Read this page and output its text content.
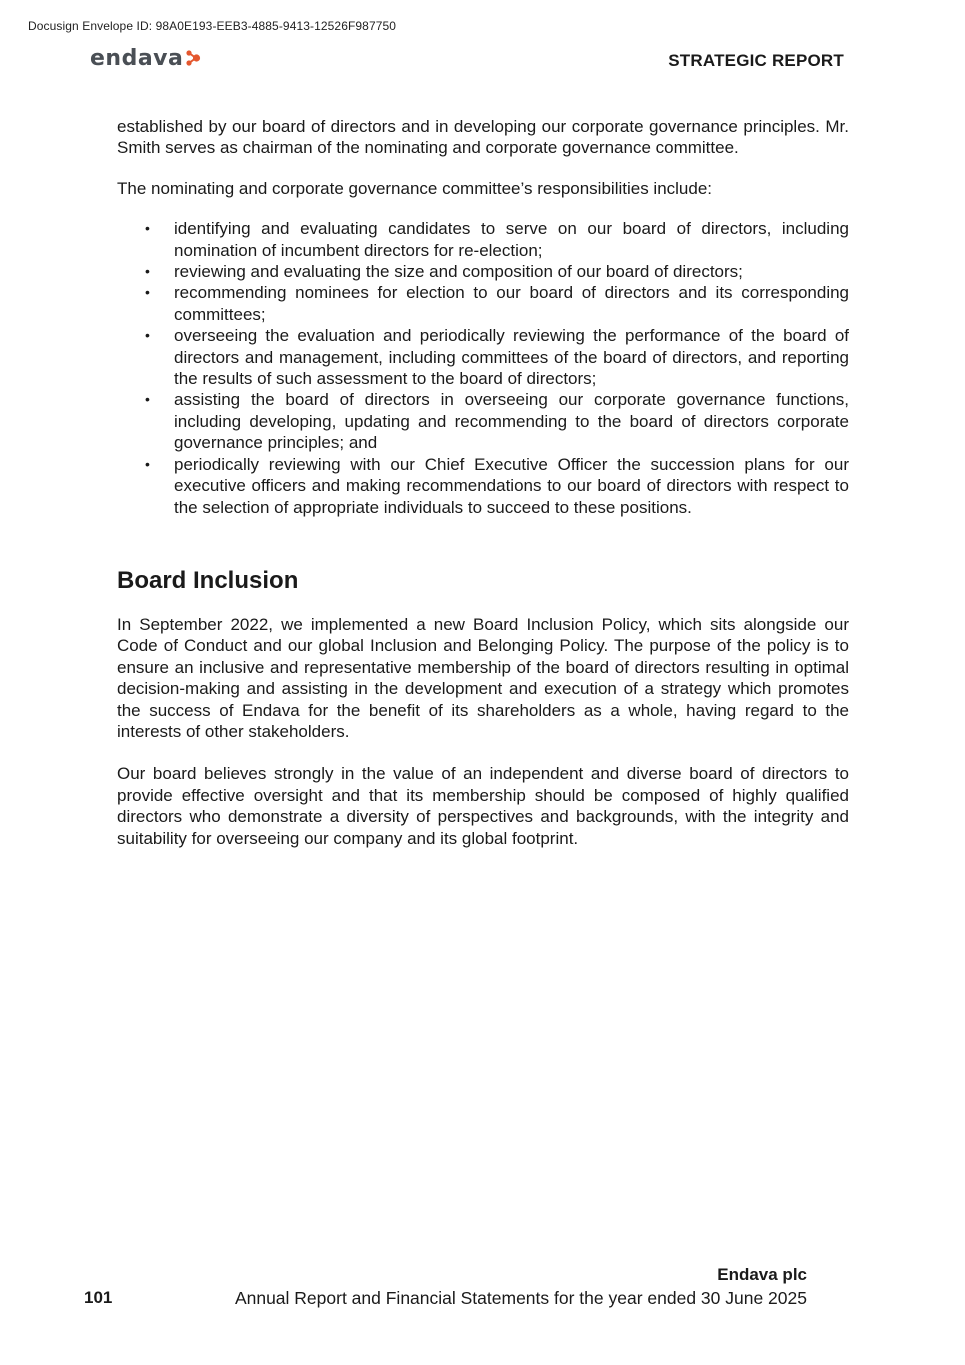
Docusign Envelope ID: 98A0E193-EEB3-4885-9413-12526F987750
endava	STRATEGIC REPORT

established by our board of directors and in developing our corporate governance principles. Mr. Smith serves as chairman of the nominating and corporate governance committee.

The nominating and corporate governance committee’s responsibilities include:

• identifying and evaluating candidates to serve on our board of directors, including nomination of incumbent directors for re-election;
• reviewing and evaluating the size and composition of our board of directors;
• recommending nominees for election to our board of directors and its corresponding committees;
• overseeing the evaluation and periodically reviewing the performance of the board of directors and management, including committees of the board of directors, and reporting the results of such assessment to the board of directors;
• assisting the board of directors in overseeing our corporate governance functions, including developing, updating and recommending to the board of directors corporate governance principles; and
• periodically reviewing with our Chief Executive Officer the succession plans for our executive officers and making recommendations to our board of directors with respect to the selection of appropriate individuals to succeed to these positions.
Board Inclusion

In September 2022, we implemented a new Board Inclusion Policy, which sits alongside our Code of Conduct and our global Inclusion and Belonging Policy. The purpose of the policy is to ensure an inclusive and representative membership of the board of directors resulting in optimal decision-making and assisting in the development and execution of a strategy which promotes the success of Endava for the benefit of its shareholders as a whole, having regard to the interests of other stakeholders.

Our board believes strongly in the value of an independent and diverse board of directors to provide effective oversight and that its membership should be composed of highly qualified directors who demonstrate a diversity of perspectives and backgrounds, with the integrity and suitability for overseeing our company and its global footprint.

Endava plc
101	Annual Report and Financial Statements for the year ended 30 June 2025
